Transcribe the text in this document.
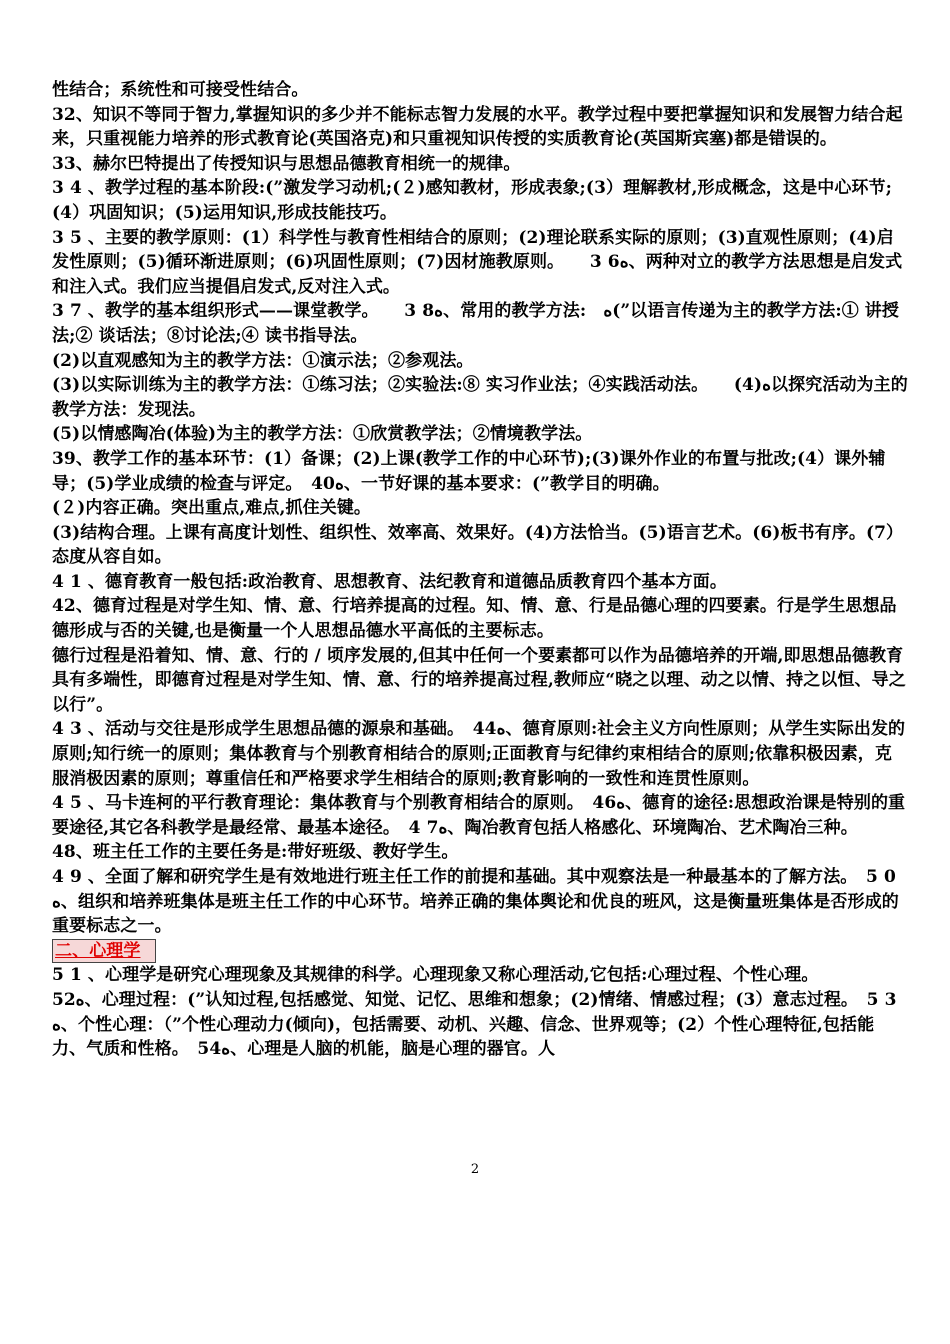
性结合；系统性和可接受性结合。

32、知识不等同于智力,掌握知识的多少并不能标志智力发展的水平。教学过程中要把掌握知识和发展智力结合起来，只重视能力培养的形式教育论(英国洛克)和只重视知识传授的实质教育论(英国斯宾塞)都是错误的。

33、赫尔巴特提出了传授知识与思想品德教育相统一的规律。

3 4 、教学过程的基本阶段:(”激发学习动机;(２)感知教材，形成表象;(3）理解教材,形成概念，这是中心环节;(4）巩固知识；(5)运用知识,形成技能技巧。

3 5 、主要的教学原则：(1）科学性与教育性相结合的原则；(2)理论联系实际的原则；(3)直观性原则；(4)启发性原则；(5)循环渐进原则；(6)巩固性原则；(7)因材施教原则。　　3 6ﻩ、两种对立的教学方法思想是启发式和注入式。我们应当提倡启发式,反对注入式。

3 7 、教学的基本组织形式——课堂教学。　　3 8ﻩ、常用的教学方法:　ﻩ(”以语言传递为主的教学方法:① 讲授法;② 谈话法；⑧讨论法;④ 读书指导法。

(2)以直观感知为主的教学方法：①演示法；②参观法。

(3)以实际训练为主的教学方法：①练习法；②实验法:⑧ 实习作业法；④实践活动法。　　(4)ﻩ以探究活动为主的教学方法：发现法。

(5)以情感陶冶(体验)为主的教学方法：①欣赏教学法；②情境教学法。

39、教学工作的基本环节：(1）备课；(2)上课(教学工作的中心环节);(3)课外作业的布置与批改;(4）课外辅导；(5)学业成绩的检查与评定。　40ﻩ、一节好课的基本要求：(”教学目的明确。

(２)内容正确。突出重点,难点,抓住关键。

(3)结构合理。上课有高度计划性、组织性、效率高、效果好。(4)方法恰当。(5)语言艺术。(6)板书有序。(7）态度从容自如。

4 1 、德育教育一般包括:政治教育、思想教育、法纪教育和道德品质教育四个基本方面。

42、德育过程是对学生知、情、意、行培养提高的过程。知、情、意、行是品德心理的四要素。行是学生思想品德形成与否的关键,也是衡量一个人思想品德水平高低的主要标志。

德行过程是沿着知、情、意、行的 / 顷序发展的,但其中任何一个要素都可以作为品德培养的开端,即思想品德教育具有多端性，即德育过程是对学生知、情、意、行的培养提高过程,教师应“晓之以理、动之以情、持之以恒、导之以行”。

4 3 、活动与交往是形成学生思想品德的源泉和基础。　44ﻩ、德育原则:社会主义方向性原则；从学生实际出发的原则;知行统一的原则；集体教育与个别教育相结合的原则;正面教育与纪律约束相结合的原则;依靠积极因素，克服消极因素的原则；尊重信任和严格要求学生相结合的原则;教育影响的一致性和连贯性原则。

4 5 、马卡连柯的平行教育理论：集体教育与个别教育相结合的原则。　46ﻩ、德育的途径:思想政治课是特别的重要途径,其它各科教学是最经常、最基本途径。　4 7ﻩ、陶冶教育包括人格感化、环境陶冶、艺术陶冶三种。

48、班主任工作的主要任务是:带好班级、教好学生。

4 9 、全面了解和研究学生是有效地进行班主任工作的前提和基础。其中观察法是一种最基本的了解方法。　5 0 ﻩ、组织和培养班集体是班主任工作的中心环节。培养正确的集体舆论和优良的班风，这是衡量班集体是否形成的重要标志之一。

二、心理学

5 1 、心理学是研究心理现象及其规律的科学。心理现象又称心理活动,它包括:心理过程、个性心理。

52ﻩ、心理过程：(”认知过程,包括感觉、知觉、记忆、思维和想象；(2)情绪、情感过程；(3）意志过程。　5 3ﻩ、个性心理：（”个性心理动力(倾向)，包括需要、动机、兴趣、信念、世界观等；(2）个性心理特征,包括能力、气质和性格。　54ﻩ、心理是人脑的机能，脑是心理的器官。人

2
